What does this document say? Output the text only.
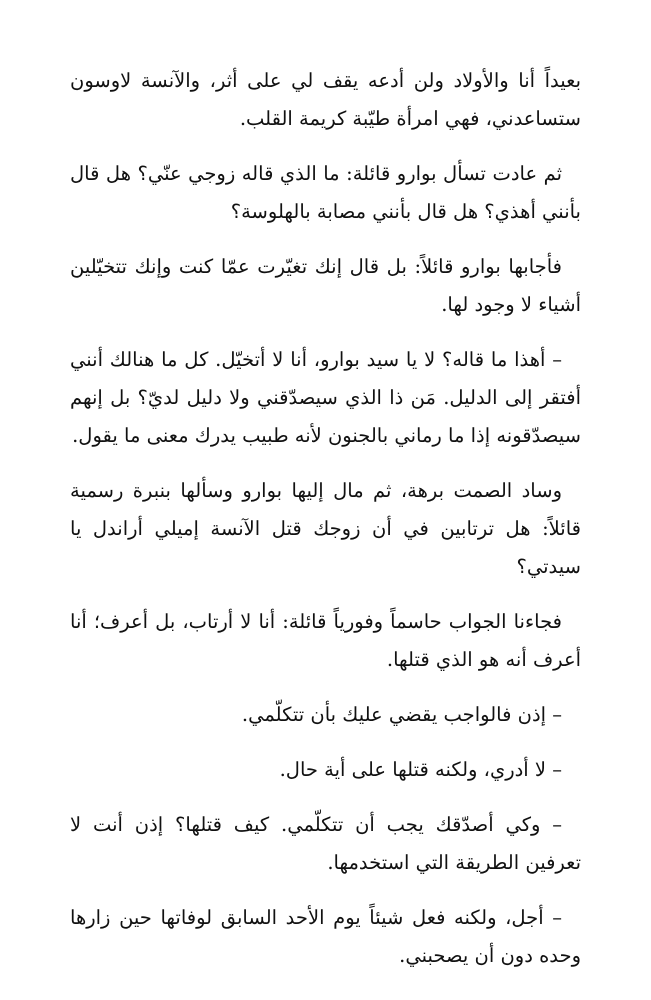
بعيداً أنا والأولاد ولن أدعه يقف لي على أثر، والآنسة لاوسون ستساعدني، فهي امرأة طيّبة كريمة القلب.

ثم عادت تسأل بوارو قائلة: ما الذي قاله زوجي عنّي؟ هل قال بأنني أهذي؟ هل قال بأنني مصابة بالهلوسة؟

فأجابها بوارو قائلاً: بل قال إنك تغيّرت عمّا كنت وإنك تتخيّلين أشياء لا وجود لها.

– أهذا ما قاله؟ لا يا سيد بوارو، أنا لا أتخيّل. كل ما هنالك أنني أفتقر إلى الدليل. مَن ذا الذي سيصدّقني ولا دليل لديّ؟ بل إنهم سيصدّقونه إذا ما رماني بالجنون لأنه طبيب يدرك معنى ما يقول.

وساد الصمت برهة، ثم مال إليها بوارو وسألها بنبرة رسمية قائلاً: هل ترتابين في أن زوجك قتل الآنسة إميلي أراندل يا سيدتي؟

فجاءنا الجواب حاسماً وفورياً قائلة: أنا لا أرتاب، بل أعرف؛ أنا أعرف أنه هو الذي قتلها.

– إذن فالواجب يقضي عليك بأن تتكلّمي.

– لا أدري، ولكنه قتلها على أية حال.

– وكي أصدّقك يجب أن تتكلّمي. كيف قتلها؟ إذن أنت لا تعرفين الطريقة التي استخدمها.

– أجل، ولكنه فعل شيئاً يوم الأحد السابق لوفاتها حين زارها وحده دون أن يصحبني.
